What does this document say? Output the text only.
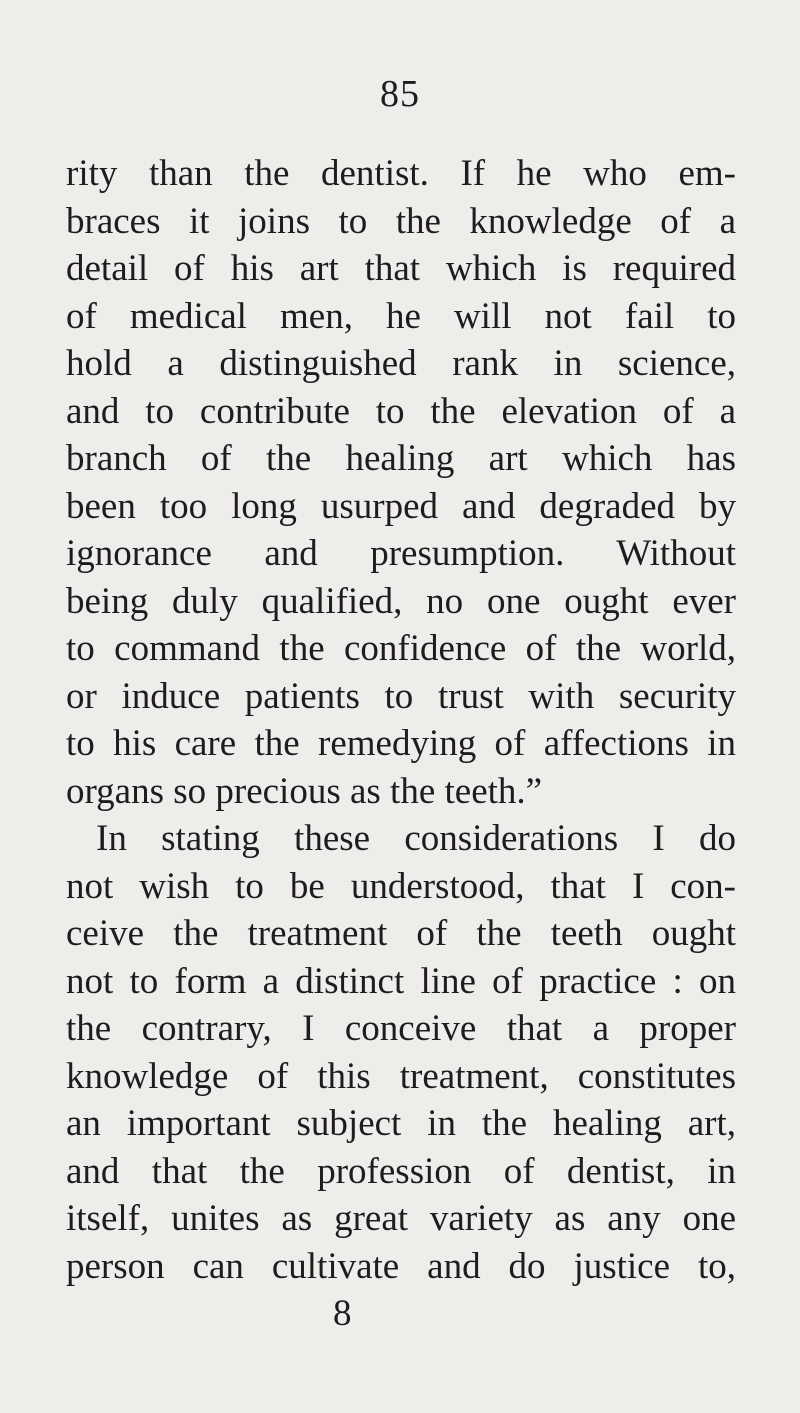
85
rity than the dentist. If he who em-
braces it joins to the knowledge of a
detail of his art that which is required
of medical men, he will not fail to
hold a distinguished rank in science,
and to contribute to the elevation of a
branch of the healing art which has
been too long usurped and degraded by
ignorance and presumption. Without
being duly qualified, no one ought ever
to command the confidence of the world,
or induce patients to trust with security
to his care the remedying of affections in
organs so precious as the teeth.”
In stating these considerations I do
not wish to be understood, that I con-
ceive the treatment of the teeth ought
not to form a distinct line of practice : on
the contrary, I conceive that a proper
knowledge of this treatment, constitutes
an important subject in the healing art,
and that the profession of dentist, in
itself, unites as great variety as any one
person can cultivate and do justice to,
8
